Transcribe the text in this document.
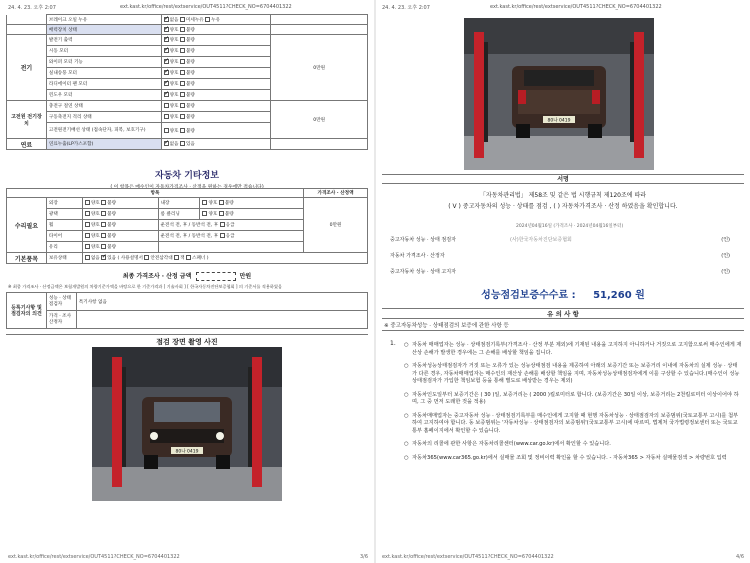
24. 4. 23. 오후 2:07	ext.kast.kr/office/rest/extservice/OUT4511?CHECK_NO=6704401322
	브레이크 오일 누유	✓없음 미세누유 누유	
	배력장치 상태	✓양호 불량	
전기	발전기 출력	✓양호 불량	0만원
	시동 모터	✓양호 불량
	와이퍼 모터 기능	✓양호 불량
	실내송풍 모터	✓양호 불량
	라디에이터 팬 모터	✓양호 불량
	윈도우 모터	✓양호 불량
고전원 전기장치	충전구 절연 상태	양호 불량	0만원
	구동축전지 격리 상태	양호 불량	
	고전원전기배선 상태 (접속단자, 피복, 보호기구)	양호 불량	
연료	연료누출(LP가스포함)	✓없음 있음	
자동차 기타정보
( 이 항목은 매수인이 자동차가격조사 · 산정을 원하는 경우에만 적습니다)
항목					가격조사 · 산정액
수리필요	외장	양호 불량	내장	양호 불량	0만원
	광택	양호 불량	룸 클리닝	양호 불량	
	휠	양호 불량	운전석 전, 후 / 동반석 전, 후 응급		
	타이어	양호 불량	운전석 전, 후 / 동반석 전, 후 응급		
	유리	양호 불량			
기본품목	보유상태	없음 ✓ 있음 ( 사용설명서 안전삼각대 잭 스패너 )
최종 가격조사 · 산정 금액	만원
※ 최종 가격조사 · 산정금액은 보험개발원의 차량기준가액을 바탕으로 한 기준가격과 [ 기술사회 ] [ 한국자동차진단보증협회 ] 의 기준서를 적용하였음
등록기사항 및 점검자의 의견	성능 · 상태 점검자	특기사항 없음
	가격 · 조사 산정자	
점검 장면 촬영 사진
80나 0419
ext.kast.kr/office/rest/extservice/OUT4511?CHECK_NO=6704401322	3/6
24. 4. 23. 오후 2:07	ext.kast.kr/office/rest/extservice/OUT4511?CHECK_NO=6704401322
80나 0419
서명
「자동차관리법」 제58조 및 같은 법 시행규칙 제120조에 따라
( V ) 중고자동차의 성능 · 상태를 점검 , ( ) 자동차가격조사 · 산정 하였음을 확인합니다.
2024년04월16일 (가격조사 · 2024년04월16일부터)
중고자동차 성능 · 상태 점검자	(사)한국자동차진단보증협회	(인)
자동차 가격조사 · 산정자	(인)
중고자동차 성능 · 상태 고지자	(인)
성능점검보증수수료 : 51,260 원
유 의 사 항
※ 중고자동차성능 · 상태점검의 보증에 관한 사항 등
1. ○ 자동차 매매업자는 성능 · 상태점검기록부(가격조사 · 산정 부분 제외)에 기재된 내용을 고지하지 아니하거나 거짓으로 고지함으로써 매수인에게 재산상 손해가 발생한 경우에는 그 손해를 배상할 책임을 집니다.
○ 자동차성능상태점검자가 거짓 또는 오류가 있는 성능상태점검 내용을 제공하여 아래의 보증기간 또는 보증거리 이내에 자동차의 실제 성능 · 상태가 다른 경우, 자동차매매업자는 매수인의 재산상 손해를 배상할 책임을 지며, 자동차성능상태점검자에게 이를 구상할 수 있습니다.(매수인이 성능상태점검자가 가입한 책임보험 등을 통해 별도로 배상받는 경우는 제외)
○ 자동차인도일부터 보증기간은 ( 30 )일, 보증거리는 ( 2000 )킬로미터로 합니다. (보증기간은 30일 이상, 보증거리는 2천킬로미터 이상이어야 하며, 그 중 먼저 도래한 것을 적용)
○ 자동차매매업자는 중고자동차 성능 · 상태점검기록부를 매수인에게 고지할 때 현행 자동차성능 · 상태점검자의 보증범위(국토교통부 고시)를 첨부하여 고지하여야 합니다. 동 보증범위는 '자동차성능 · 상태점검자의 보증범위'(국토교통부 고시)에 따르며, 법제처 국가법령정보센터 또는 국토교통부 홈페이지에서 확인할 수 있습니다.
○ 자동차의 리콜에 관한 사항은 자동차리콜센터(www.car.go.kr)에서 확인할 수 있습니다.
○ 자동차365(www.car365.go.kr)에서 실매물 조회 및 정비이력 확인을 할 수 있습니다. - 자동차365 > 자동차 실매물검색 > 차량번호 입력
ext.kast.kr/office/rest/extservice/OUT4511?CHECK_NO=6704401322	4/6
